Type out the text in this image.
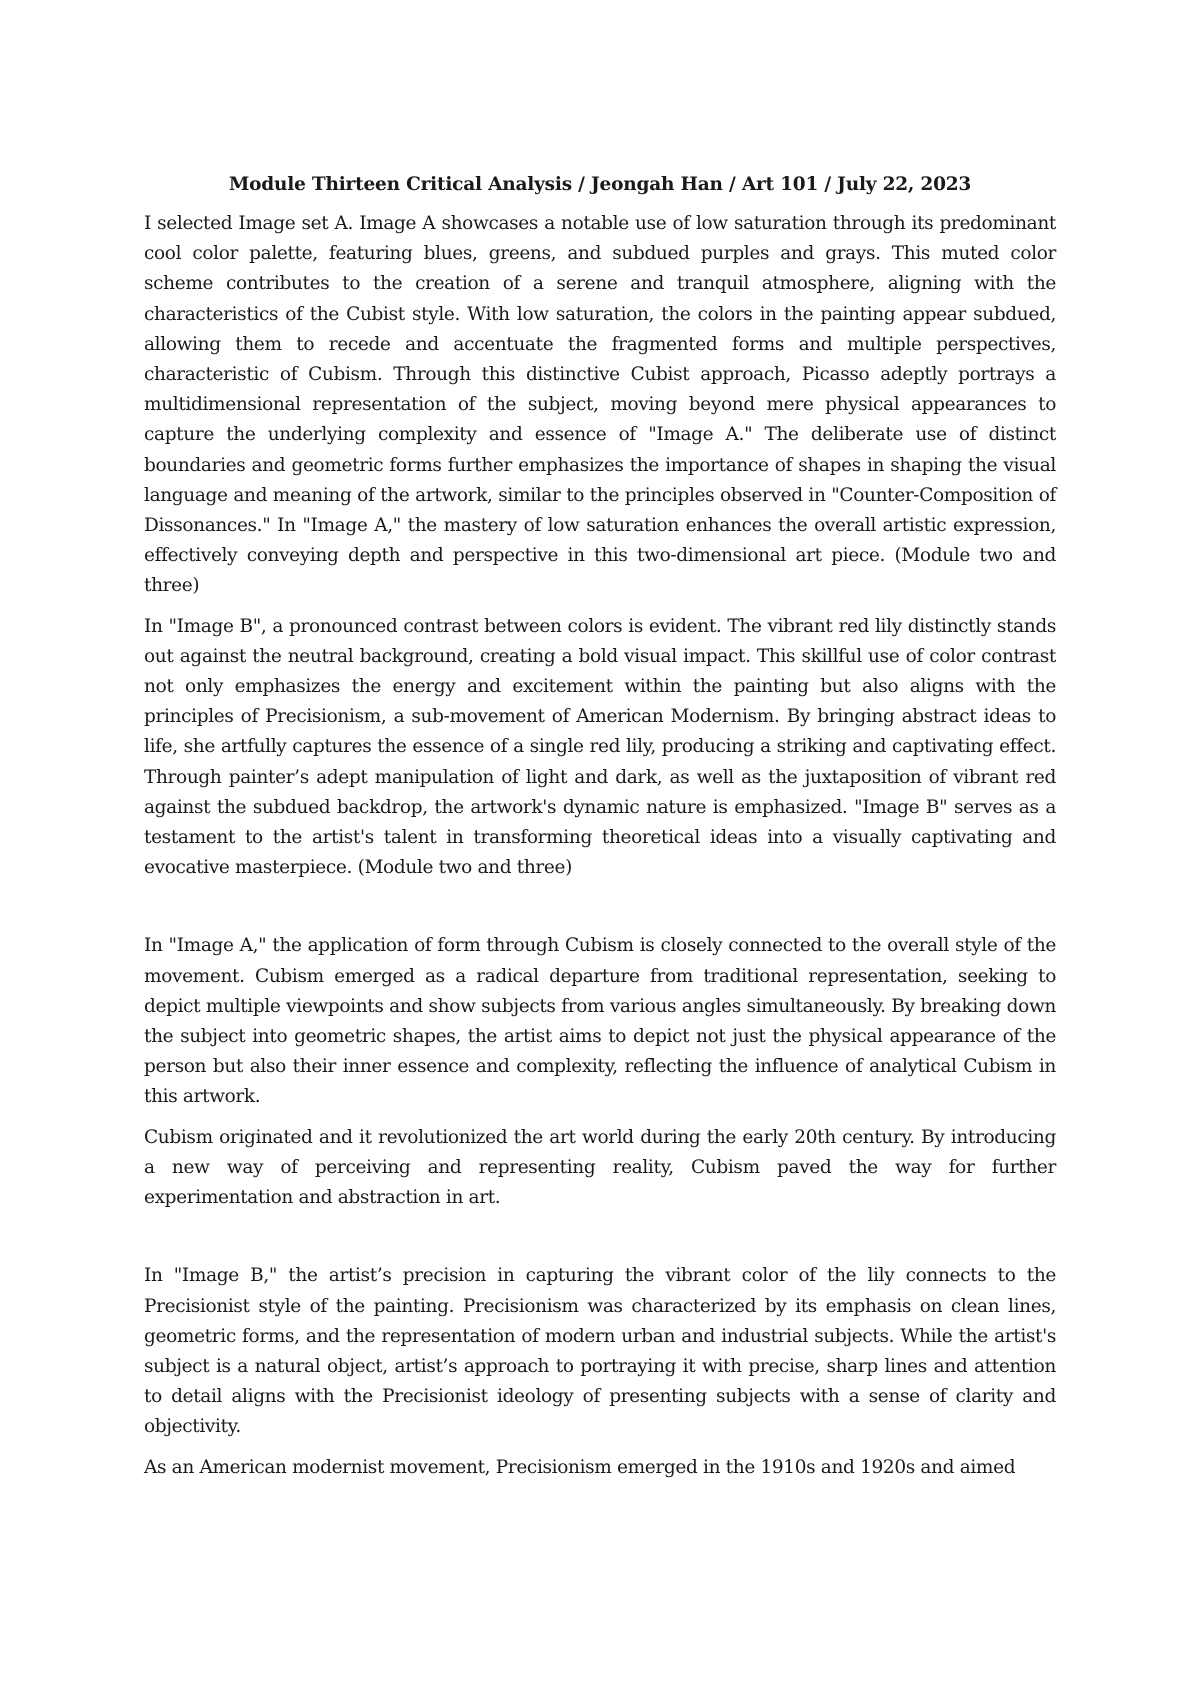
Module Thirteen Critical Analysis / Jeongah Han / Art 101 / July 22, 2023

I selected Image set A. Image A showcases a notable use of low saturation through its predominant cool color palette, featuring blues, greens, and subdued purples and grays. This muted color scheme contributes to the creation of a serene and tranquil atmosphere, aligning with the characteristics of the Cubist style. With low saturation, the colors in the painting appear subdued, allowing them to recede and accentuate the fragmented forms and multiple perspectives, characteristic of Cubism. Through this distinctive Cubist approach, Picasso adeptly portrays a multidimensional representation of the subject, moving beyond mere physical appearances to capture the underlying complexity and essence of "Image A." The deliberate use of distinct boundaries and geometric forms further emphasizes the importance of shapes in shaping the visual language and meaning of the artwork, similar to the principles observed in "Counter-Composition of Dissonances." In "Image A," the mastery of low saturation enhances the overall artistic expression, effectively conveying depth and perspective in this two-dimensional art piece. (Module two and three)

In "Image B", a pronounced contrast between colors is evident. The vibrant red lily distinctly stands out against the neutral background, creating a bold visual impact. This skillful use of color contrast not only emphasizes the energy and excitement within the painting but also aligns with the principles of Precisionism, a sub-movement of American Modernism. By bringing abstract ideas to life, she artfully captures the essence of a single red lily, producing a striking and captivating effect. Through painter’s adept manipulation of light and dark, as well as the juxtaposition of vibrant red against the subdued backdrop, the artwork's dynamic nature is emphasized. "Image B" serves as a testament to the artist's talent in transforming theoretical ideas into a visually captivating and evocative masterpiece. (Module two and three)

In "Image A," the application of form through Cubism is closely connected to the overall style of the movement. Cubism emerged as a radical departure from traditional representation, seeking to depict multiple viewpoints and show subjects from various angles simultaneously. By breaking down the subject into geometric shapes, the artist aims to depict not just the physical appearance of the person but also their inner essence and complexity, reflecting the influence of analytical Cubism in this artwork.

Cubism originated and it revolutionized the art world during the early 20th century. By introducing a new way of perceiving and representing reality, Cubism paved the way for further experimentation and abstraction in art.

In "Image B," the artist’s precision in capturing the vibrant color of the lily connects to the Precisionist style of the painting. Precisionism was characterized by its emphasis on clean lines, geometric forms, and the representation of modern urban and industrial subjects. While the artist's subject is a natural object, artist’s approach to portraying it with precise, sharp lines and attention to detail aligns with the Precisionist ideology of presenting subjects with a sense of clarity and objectivity.

As an American modernist movement, Precisionism emerged in the 1910s and 1920s and aimed
